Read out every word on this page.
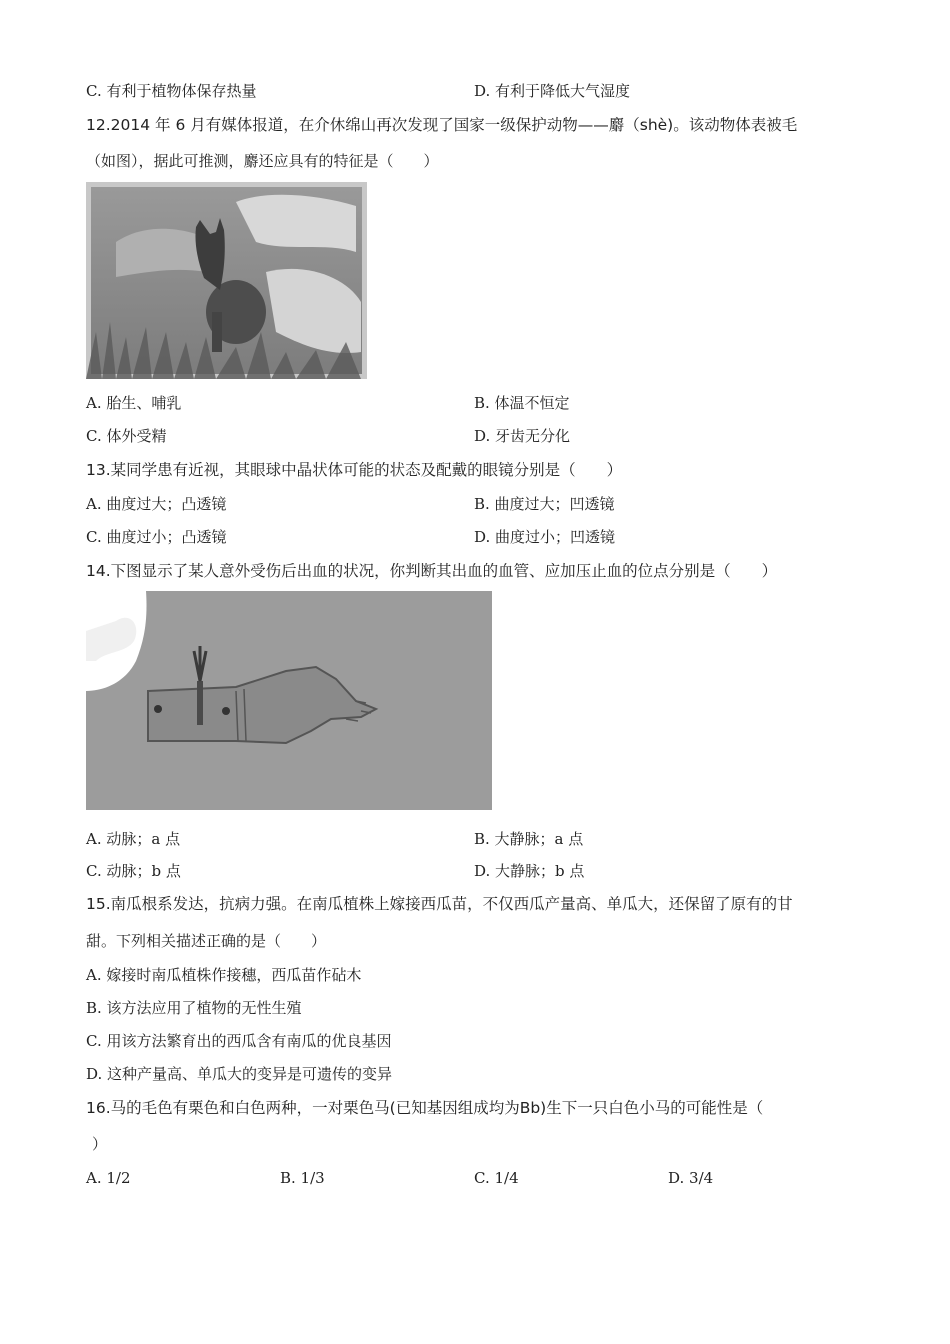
C. 有利于植物体保存热量	D. 有利于降低大气湿度
12.2014 年 6 月有媒体报道，在介休绵山再次发现了国家一级保护动物——麝（shè)。该动物体表被毛
（如图），据此可推测，麝还应具有的特征是（　　）
A. 胎生、哺乳	B. 体温不恒定
C. 体外受精	D. 牙齿无分化
13.某同学患有近视，其眼球中晶状体可能的状态及配戴的眼镜分别是（　　）
A. 曲度过大；凸透镜	B. 曲度过大；凹透镜
C. 曲度过小；凸透镜	D. 曲度过小；凹透镜
14.下图显示了某人意外受伤后出血的状况，你判断其出血的血管、应加压止血的位点分别是（　　）
A. 动脉；a 点	B. 大静脉；a 点
C. 动脉；b 点	D. 大静脉；b 点
15.南瓜根系发达，抗病力强。在南瓜植株上嫁接西瓜苗，不仅西瓜产量高、单瓜大，还保留了原有的甘
甜。下列相关描述正确的是（　　）
A. 嫁接时南瓜植株作接穗，西瓜苗作砧木
B. 该方法应用了植物的无性生殖
C. 用该方法繁育出的西瓜含有南瓜的优良基因
D. 这种产量高、单瓜大的变异是可遗传的变异
16.马的毛色有栗色和白色两种，一对栗色马(已知基因组成均为Bb)生下一只白色小马的可能性是（
）
A. 1/2	B. 1/3	C. 1/4	D. 3/4
